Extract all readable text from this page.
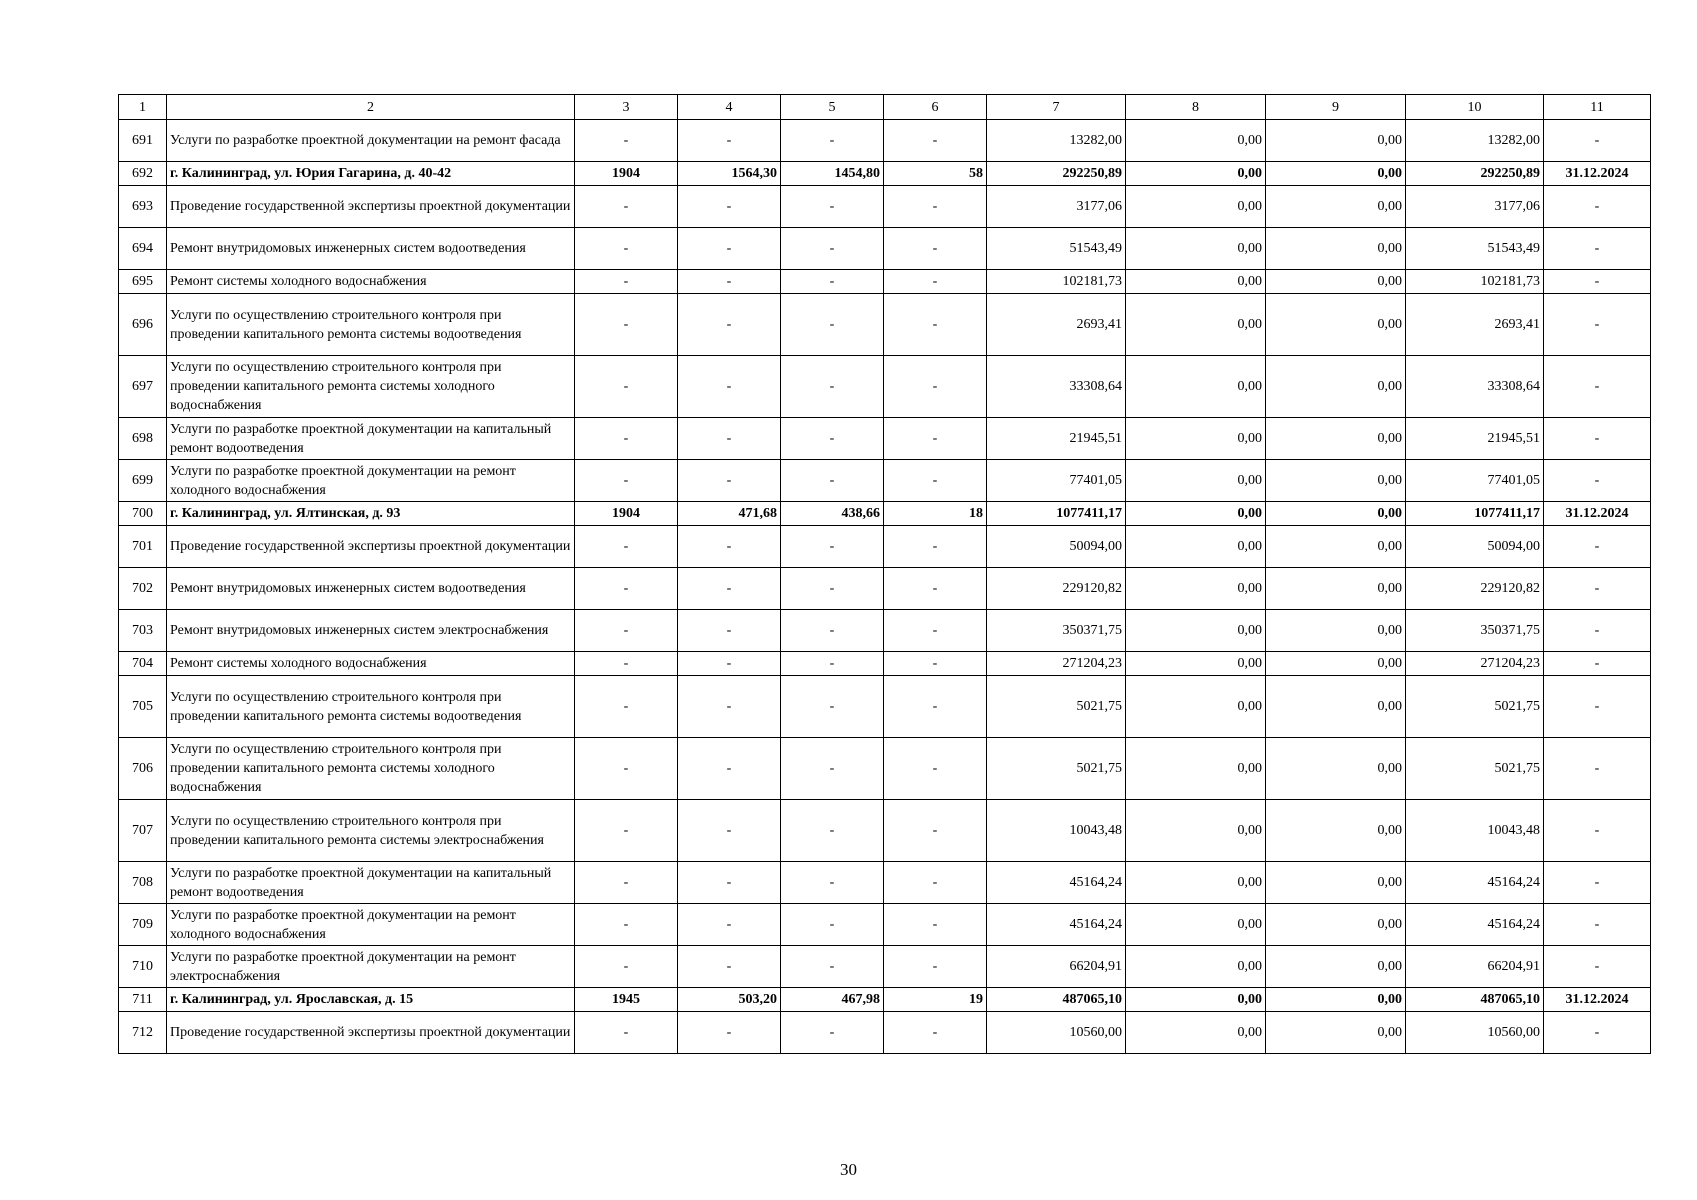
1	2	3	4	5	6	7	8	9	10	11
691	Услуги по разработке проектной документации на ремонт фасада	-	-	-	-	13282,00	0,00	0,00	13282,00	-
692	г. Калининград, ул. Юрия Гагарина, д. 40-42	1904	1564,30	1454,80	58	292250,89	0,00	0,00	292250,89	31.12.2024
693	Проведение государственной экспертизы проектной документации	-	-	-	-	3177,06	0,00	0,00	3177,06	-
694	Ремонт внутридомовых инженерных систем водоотведения	-	-	-	-	51543,49	0,00	0,00	51543,49	-
695	Ремонт системы холодного водоснабжения	-	-	-	-	102181,73	0,00	0,00	102181,73	-
696	Услуги по осуществлению строительного контроля при проведении капитального ремонта системы водоотведения	-	-	-	-	2693,41	0,00	0,00	2693,41	-
697	Услуги по осуществлению строительного контроля при проведении капитального ремонта системы холодного водоснабжения	-	-	-	-	33308,64	0,00	0,00	33308,64	-
698	Услуги по разработке проектной документации на капитальный ремонт водоотведения	-	-	-	-	21945,51	0,00	0,00	21945,51	-
699	Услуги по разработке проектной документации на ремонт холодного водоснабжения	-	-	-	-	77401,05	0,00	0,00	77401,05	-
700	г. Калининград, ул. Ялтинская, д. 93	1904	471,68	438,66	18	1077411,17	0,00	0,00	1077411,17	31.12.2024
701	Проведение государственной экспертизы проектной документации	-	-	-	-	50094,00	0,00	0,00	50094,00	-
702	Ремонт внутридомовых инженерных систем водоотведения	-	-	-	-	229120,82	0,00	0,00	229120,82	-
703	Ремонт внутридомовых инженерных систем электроснабжения	-	-	-	-	350371,75	0,00	0,00	350371,75	-
704	Ремонт системы холодного водоснабжения	-	-	-	-	271204,23	0,00	0,00	271204,23	-
705	Услуги по осуществлению строительного контроля при проведении капитального ремонта системы водоотведения	-	-	-	-	5021,75	0,00	0,00	5021,75	-
706	Услуги по осуществлению строительного контроля при проведении капитального ремонта системы холодного водоснабжения	-	-	-	-	5021,75	0,00	0,00	5021,75	-
707	Услуги по осуществлению строительного контроля при проведении капитального ремонта системы электроснабжения	-	-	-	-	10043,48	0,00	0,00	10043,48	-
708	Услуги по разработке проектной документации на капитальный ремонт водоотведения	-	-	-	-	45164,24	0,00	0,00	45164,24	-
709	Услуги по разработке проектной документации на ремонт холодного водоснабжения	-	-	-	-	45164,24	0,00	0,00	45164,24	-
710	Услуги по разработке проектной документации на ремонт электроснабжения	-	-	-	-	66204,91	0,00	0,00	66204,91	-
711	г. Калининград, ул. Ярославская, д. 15	1945	503,20	467,98	19	487065,10	0,00	0,00	487065,10	31.12.2024
712	Проведение государственной экспертизы проектной документации	-	-	-	-	10560,00	0,00	0,00	10560,00	-
30
